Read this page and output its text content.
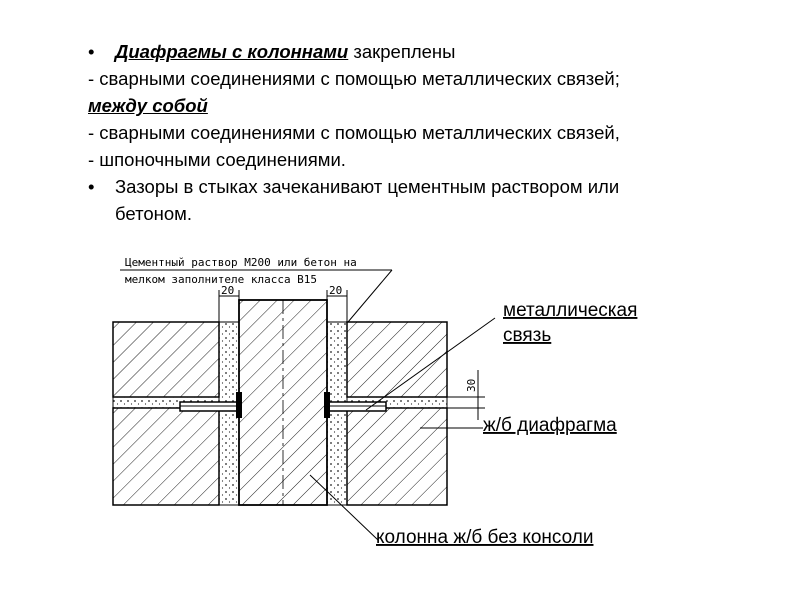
• Диафрагмы с колоннами закреплены
- сварными соединениями с помощью металлических связей;
между собой
- сварными соединениями с помощью металлических связей,
- шпоночными соединениями.
• Зазоры в стыках зачеканивают цементным раствором или
бетоном.
Цементный раствор М200 или бетон на
мелком заполнителе класса В15
20	20
30
металлическая
связь
ж/б диафрагма
колонна ж/б без консоли
